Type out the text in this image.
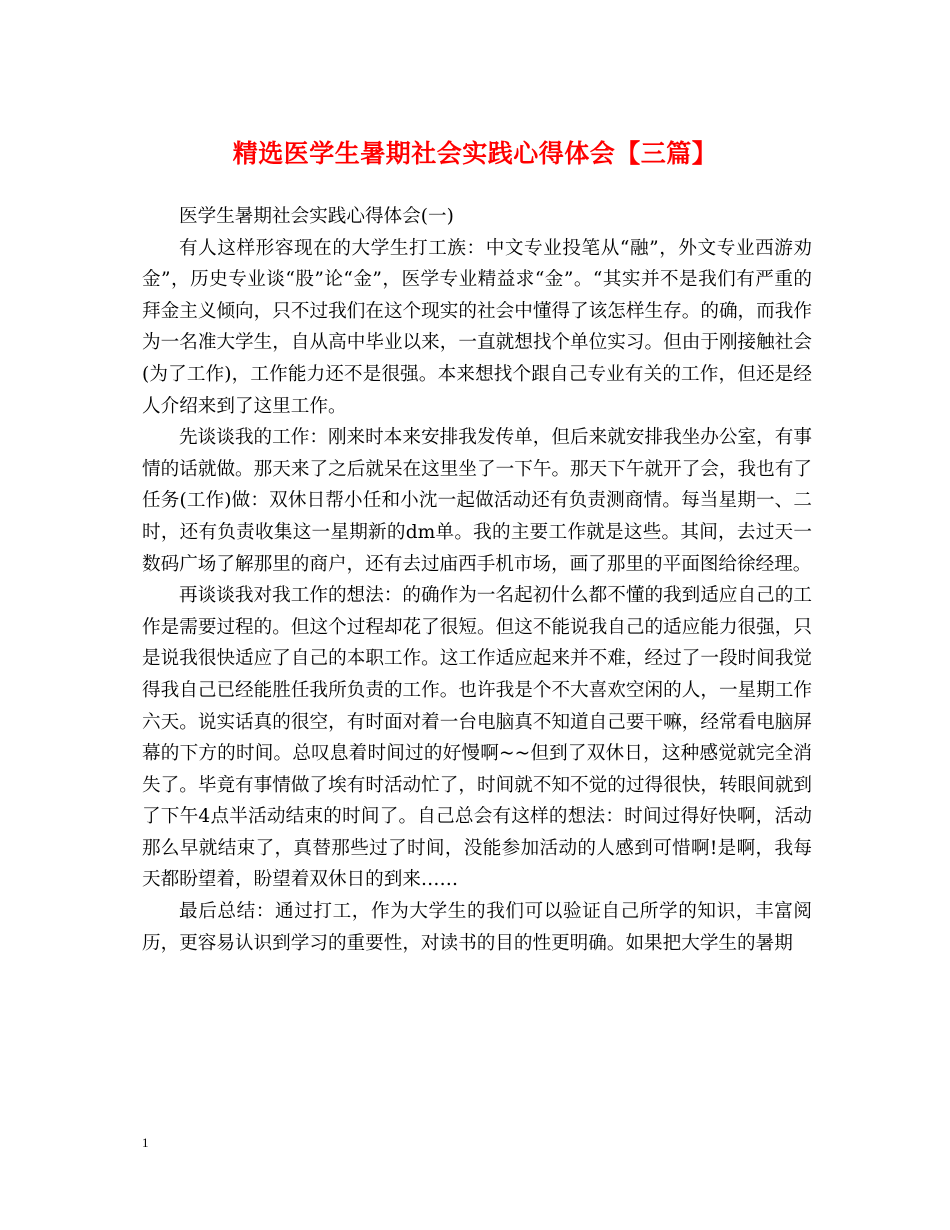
精选医学生暑期社会实践心得体会【三篇】

医学生暑期社会实践心得体会(一)

有人这样形容现在的大学生打工族：中文专业投笔从“融”，外文专业西游劝金”，历史专业谈“股”论“金”，医学专业精益求“金”。“其实并不是我们有严重的拜金主义倾向，只不过我们在这个现实的社会中懂得了该怎样生存。的确，而我作为一名准大学生，自从高中毕业以来，一直就想找个单位实习。但由于刚接触社会(为了工作)，工作能力还不是很强。本来想找个跟自己专业有关的工作，但还是经人介绍来到了这里工作。

先谈谈我的工作：刚来时本来安排我发传单，但后来就安排我坐办公室，有事情的话就做。那天来了之后就呆在这里坐了一下午。那天下午就开了会，我也有了任务(工作)做：双休日帮小任和小沈一起做活动还有负责测商情。每当星期一、二时，还有负责收集这一星期新的dm单。我的主要工作就是这些。其间，去过天一数码广场了解那里的商户，还有去过庙西手机市场，画了那里的平面图给徐经理。

再谈谈我对我工作的想法：的确作为一名起初什么都不懂的我到适应自己的工作是需要过程的。但这个过程却花了很短。但这不能说我自己的适应能力很强，只是说我很快适应了自己的本职工作。这工作适应起来并不难，经过了一段时间我觉得我自己已经能胜任我所负责的工作。也许我是个不大喜欢空闲的人，一星期工作六天。说实话真的很空，有时面对着一台电脑真不知道自己要干嘛，经常看电脑屏幕的下方的时间。总叹息着时间过的好慢啊~~但到了双休日，这种感觉就完全消失了。毕竟有事情做了埃有时活动忙了，时间就不知不觉的过得很快，转眼间就到了下午4点半活动结束的时间了。自己总会有这样的想法：时间过得好快啊，活动那么早就结束了，真替那些过了时间，没能参加活动的人感到可惜啊!是啊，我每天都盼望着，盼望着双休日的到来……

最后总结：通过打工，作为大学生的我们可以验证自己所学的知识，丰富阅历，更容易认识到学习的重要性，对读书的目的性更明确。如果把大学生的暑期

1
